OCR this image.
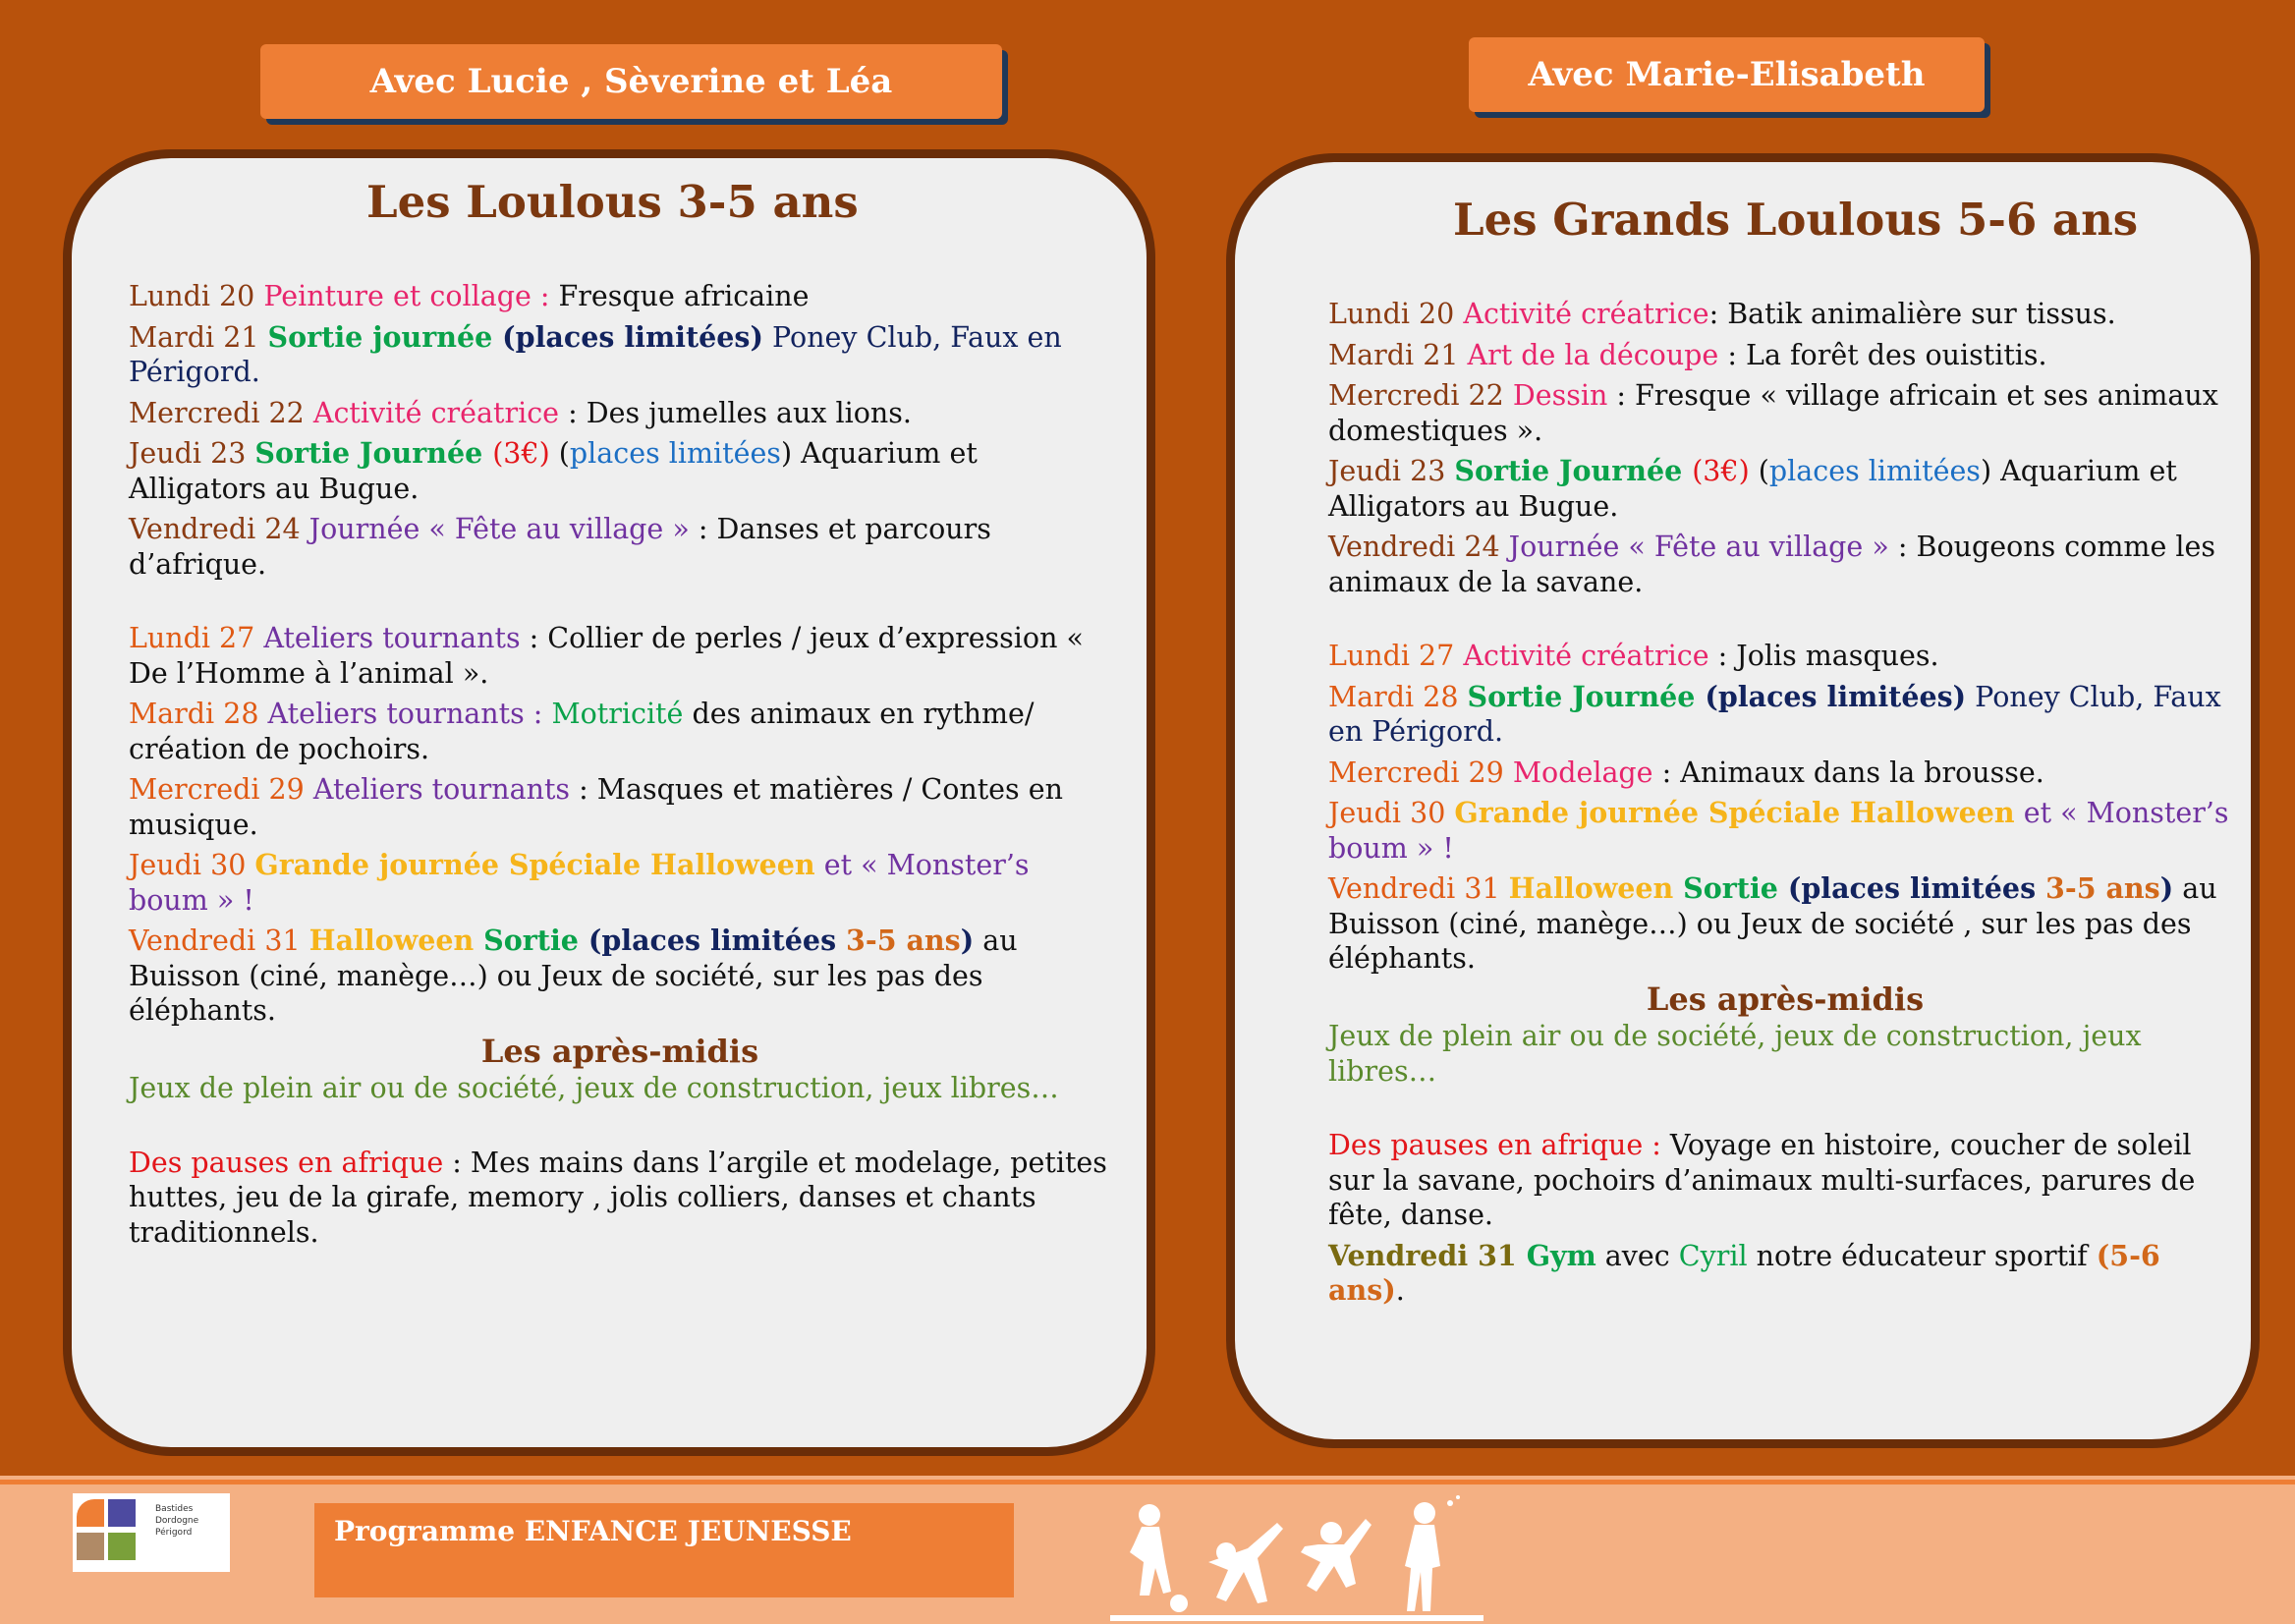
Avec Lucie , Sèverine et Léa	Avec Marie-Elisabeth
Les Loulous 3-5 ans
Lundi 20 Peinture et collage : Fresque africaine
Mardi 21 Sortie journée (places limitées) Poney Club, Faux en Périgord.
Mercredi 22 Activité créatrice : Des jumelles aux lions.
Jeudi 23 Sortie Journée (3€) (places limitées) Aquarium et Alligators au Bugue.
Vendredi 24 Journée « Fête au village » : Danses et parcours d’afrique.
Lundi 27 Ateliers tournants : Collier de perles / jeux d’expression « De l’Homme à l’animal ».
Mardi 28 Ateliers tournants : Motricité des animaux en rythme/ création de pochoirs.
Mercredi 29 Ateliers tournants : Masques et matières / Contes en musique.
Jeudi 30 Grande journée Spéciale Halloween et « Monster’s boum » !
Vendredi 31 Halloween Sortie (places limitées 3-5 ans) au Buisson (ciné, manège…) ou Jeux de société, sur les pas des éléphants.
Les après-midis
Jeux de plein air ou de société, jeux de construction, jeux libres…
Des pauses en afrique : Mes mains dans l’argile et modelage, petites huttes, jeu de la girafe, memory , jolis colliers, danses et chants traditionnels.
Les Grands Loulous 5-6 ans
Lundi 20 Activité créatrice: Batik animalière sur tissus.
Mardi 21 Art de la découpe : La forêt des ouistitis.
Mercredi 22 Dessin : Fresque « village africain et ses animaux domestiques ».
Jeudi 23 Sortie Journée (3€) (places limitées) Aquarium et Alligators au Bugue.
Vendredi 24 Journée « Fête au village » : Bougeons comme les animaux de la savane.
Lundi 27 Activité créatrice : Jolis masques.
Mardi 28 Sortie Journée (places limitées) Poney Club, Faux en Périgord.
Mercredi 29 Modelage : Animaux dans la brousse.
Jeudi 30 Grande journée Spéciale Halloween et « Monster’s boum » !
Vendredi 31 Halloween Sortie (places limitées 3-5 ans) au Buisson (ciné, manège…) ou Jeux de société , sur les pas des éléphants.
Les après-midis
Jeux de plein air ou de société, jeux de construction, jeux libres…
Des pauses en afrique : Voyage en histoire, coucher de soleil sur la savane, pochoirs d’animaux multi-surfaces, parures de fête, danse.
Vendredi 31 Gym avec Cyril notre éducateur sportif (5-6 ans).
Bastides Dordogne Périgord	Programme ENFANCE JEUNESSE
